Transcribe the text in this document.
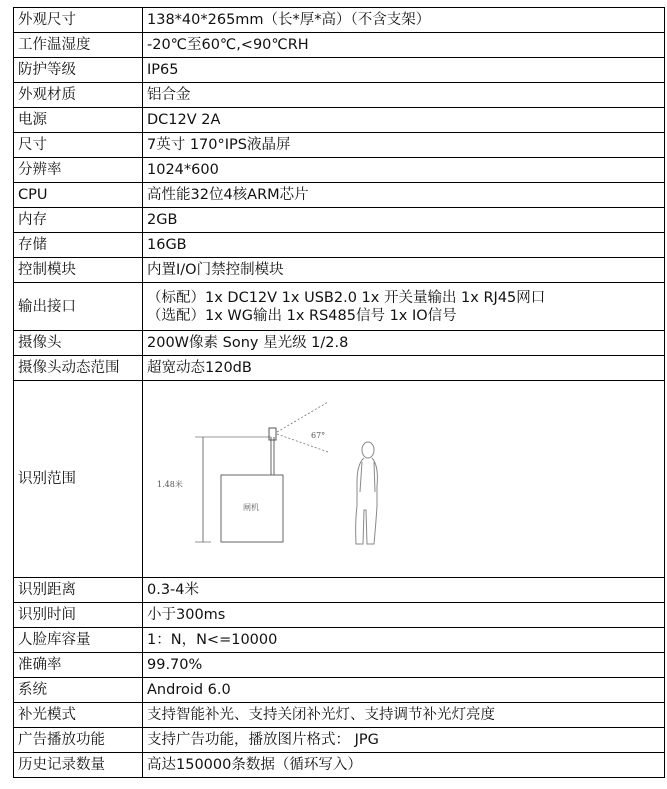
外观尺寸	138*40*265mm（长*厚*高）（不含支架）
工作温湿度	-20℃至60℃,<90℃RH
防护等级	IP65
外观材质	铝合金
电源	DC12V 2A
尺寸	7英寸 170°IPS液晶屏
分辨率	1024*600
CPU	高性能32位4核ARM芯片
内存	2GB
存储	16GB
控制模块	内置I/O门禁控制模块
输出接口	（标配）1x DC12V 1x USB2.0 1x 开关量输出 1x RJ45网口
（选配）1x WG输出 1x RS485信号 1x IO信号

摄像头	200W像素 Sony 星光级 1/2.8
摄像头动态范围	超宽动态120dB
识别范围	1.48米
闸机
67°

识别距离	0.3-4米
识别时间	小于300ms
人脸库容量	1：N，N<=10000
准确率	99.70%
系统	Android 6.0
补光模式	支持智能补光、支持关闭补光灯、支持调节补光灯亮度
广告播放功能	支持广告功能，播放图片格式： JPG
历史记录数量	高达150000条数据（循环写入）
